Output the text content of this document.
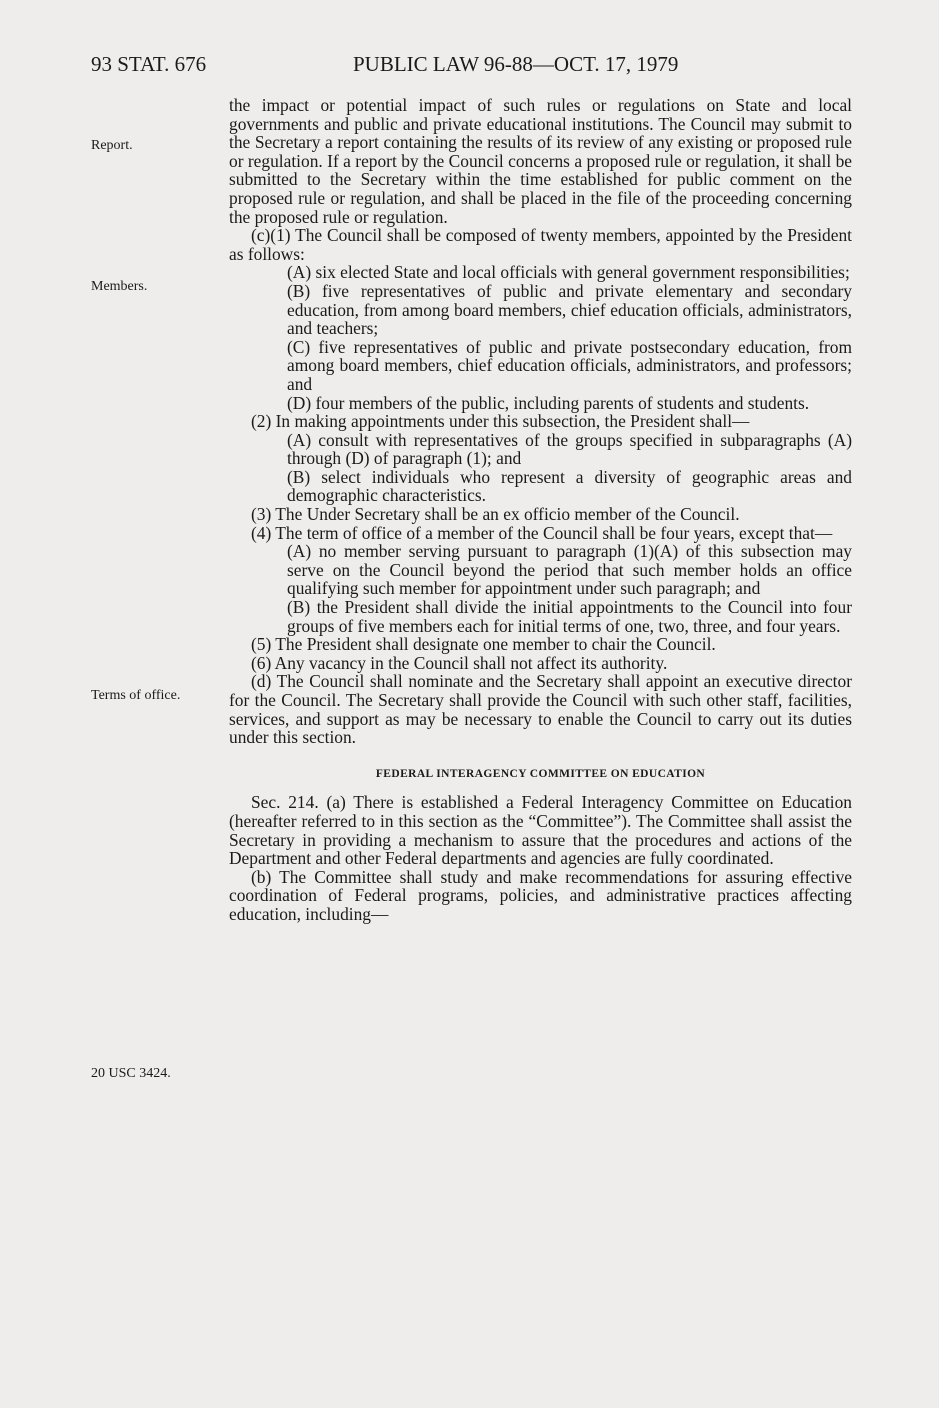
93 STAT. 676	PUBLIC LAW 96-88—OCT. 17, 1979
Report.
Members.
Terms of office.
20 USC 3424.

the impact or potential impact of such rules or regulations on State and local governments and public and private educational institutions. The Council may submit to the Secretary a report containing the results of its review of any existing or proposed rule or regulation. If a report by the Council concerns a proposed rule or regulation, it shall be submitted to the Secretary within the time established for public comment on the proposed rule or regulation, and shall be placed in the file of the proceeding concerning the proposed rule or regulation.

(c)(1) The Council shall be composed of twenty members, appointed by the President as follows:

(A) six elected State and local officials with general government responsibilities;

(B) five representatives of public and private elementary and secondary education, from among board members, chief education officials, administrators, and teachers;

(C) five representatives of public and private postsecondary education, from among board members, chief education officials, administrators, and professors; and

(D) four members of the public, including parents of students and students.

(2) In making appointments under this subsection, the President shall—

(A) consult with representatives of the groups specified in subparagraphs (A) through (D) of paragraph (1); and

(B) select individuals who represent a diversity of geographic areas and demographic characteristics.

(3) The Under Secretary shall be an ex officio member of the Council.

(4) The term of office of a member of the Council shall be four years, except that—

(A) no member serving pursuant to paragraph (1)(A) of this subsection may serve on the Council beyond the period that such member holds an office qualifying such member for appointment under such paragraph; and

(B) the President shall divide the initial appointments to the Council into four groups of five members each for initial terms of one, two, three, and four years.

(5) The President shall designate one member to chair the Council.

(6) Any vacancy in the Council shall not affect its authority.

(d) The Council shall nominate and the Secretary shall appoint an executive director for the Council. The Secretary shall provide the Council with such other staff, facilities, services, and support as may be necessary to enable the Council to carry out its duties under this section.

FEDERAL INTERAGENCY COMMITTEE ON EDUCATION

Sec. 214. (a) There is established a Federal Interagency Committee on Education (hereafter referred to in this section as the “Committee”). The Committee shall assist the Secretary in providing a mechanism to assure that the procedures and actions of the Department and other Federal departments and agencies are fully coordinated.

(b) The Committee shall study and make recommendations for assuring effective coordination of Federal programs, policies, and administrative practices affecting education, including—
